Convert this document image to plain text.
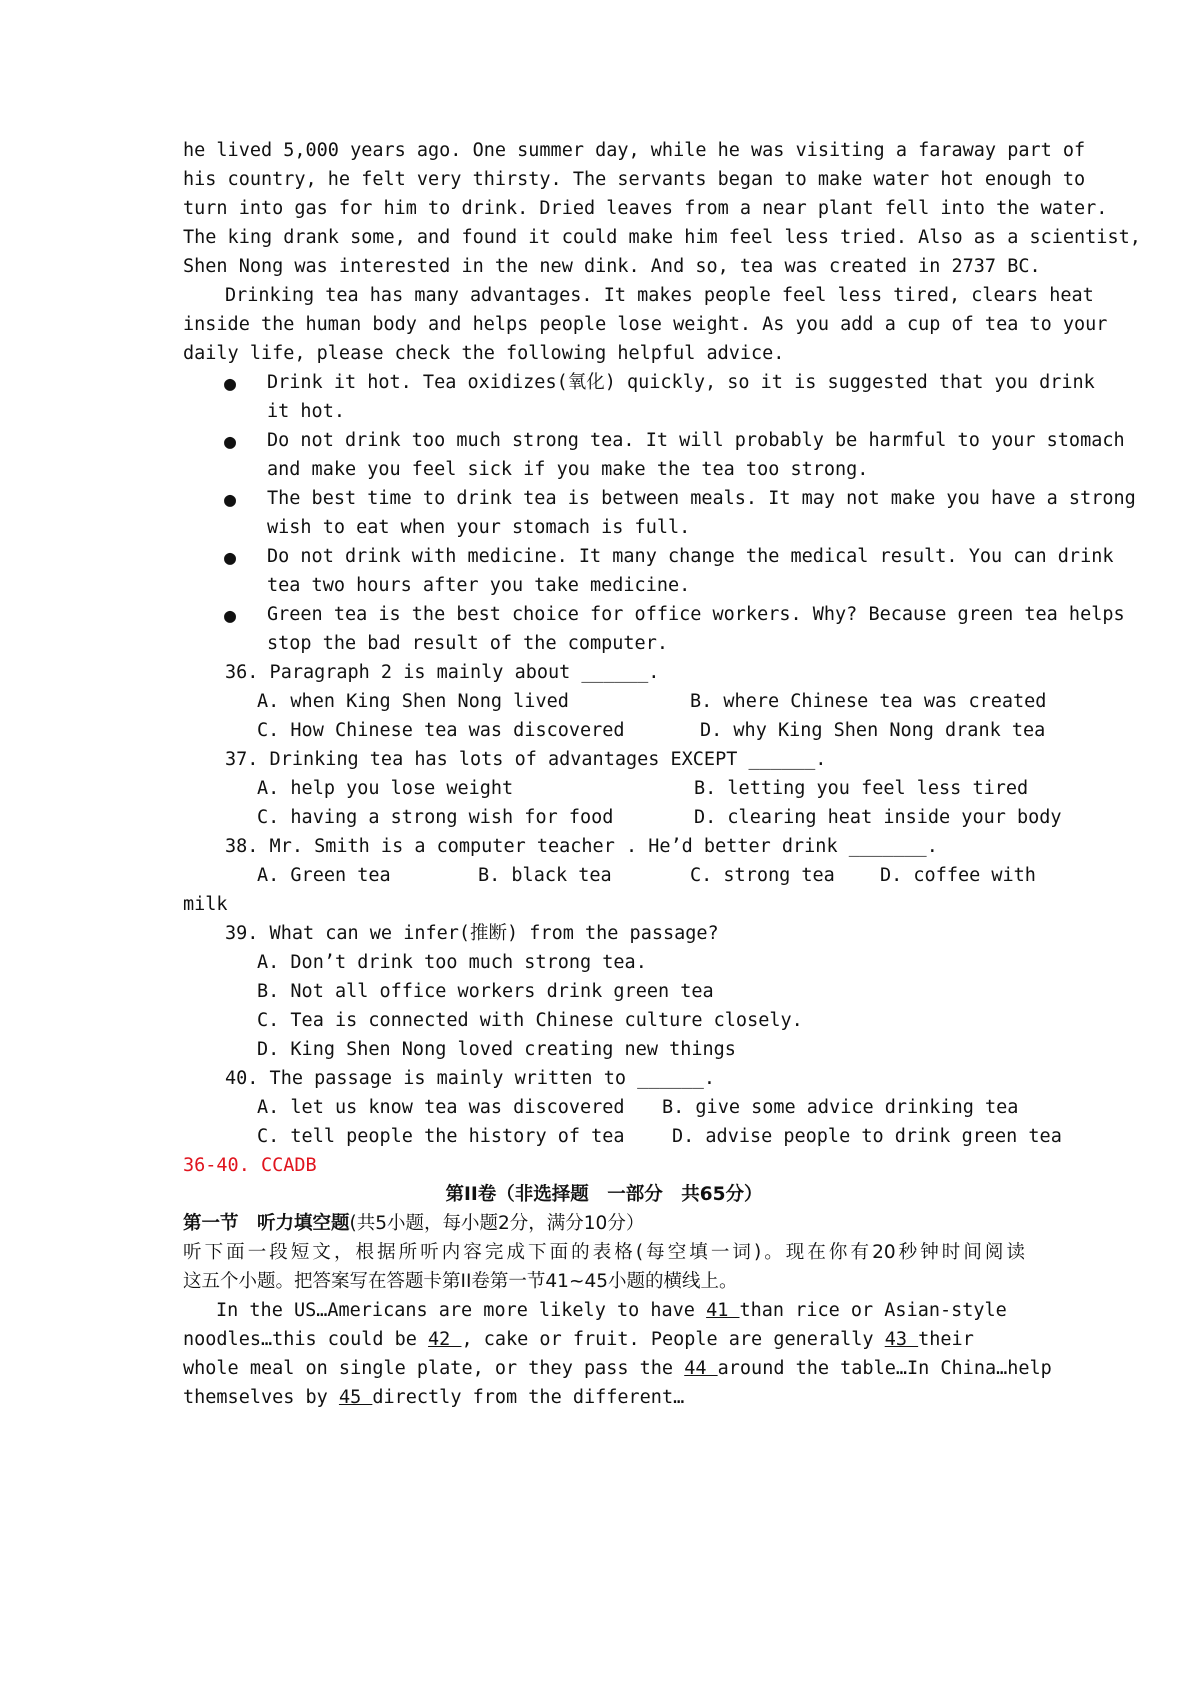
he lived 5,000 years ago. One summer day, while he was visiting a faraway part of
his country, he felt very thirsty. The servants began to make water hot enough to
turn into gas for him to drink. Dried leaves from a near plant fell into the water.
The king drank some, and found it could make him feel less tried. Also as a scientist,
Shen Nong was interested in the new dink. And so, tea was created in 2737 BC.
Drinking tea has many advantages. It makes people feel less tired, clears heat
inside the human body and helps people lose weight. As you add a cup of tea to your
daily life, please check the following helpful advice.
●	Drink it hot. Tea oxidizes(氧化) quickly, so it is suggested that you drink
it hot.
●	Do not drink too much strong tea. It will probably be harmful to your stomach
and make you feel sick if you make the tea too strong.
●	The best time to drink tea is between meals. It may not make you have a strong
wish to eat when your stomach is full.
●	Do not drink with medicine. It many change the medical result. You can drink
tea two hours after you take medicine.
●	Green tea is the best choice for office workers. Why? Because green tea helps
stop the bad result of the computer.
36. Paragraph 2 is mainly about ______.
A. when King Shen Nong lived	B. where Chinese tea was created
C. How Chinese tea was discovered	D. why King Shen Nong drank tea
37. Drinking tea has lots of advantages EXCEPT ______.
A. help you lose weight	B. letting you feel less tired
C. having a strong wish for food	D. clearing heat inside your body
38. Mr. Smith is a computer teacher . He’d better drink _______.
A. Green tea	B. black tea	C. strong tea D. coffee with
milk
39. What can we infer(推断) from the passage?
A. Don’t drink too much strong tea.
B. Not all office workers drink green tea
C. Tea is connected with Chinese culture closely.
D. King Shen Nong loved creating new things
40. The passage is mainly written to ______.
A. let us know tea was discovered B. give some advice drinking tea
C. tell people the history of tea	D. advise people to drink green tea
36-40. CCADB
第II卷（非选择题　一部分　共65分）
第一节　听力填空题(共5小题，每小题2分，满分10分）
听下面一段短文，根据所听内容完成下面的表格(每空填一词)。现在你有20秒钟时间阅读
这五个小题。把答案写在答题卡第II卷第一节41~45小题的横线上。
In the US…Americans are more likely to have 41 than rice or Asian-style
noodles…this could be 42 , cake or fruit. People are generally 43 their
whole meal on single plate, or they pass the 44 around the table…In China…help
themselves by 45 directly from the different…
